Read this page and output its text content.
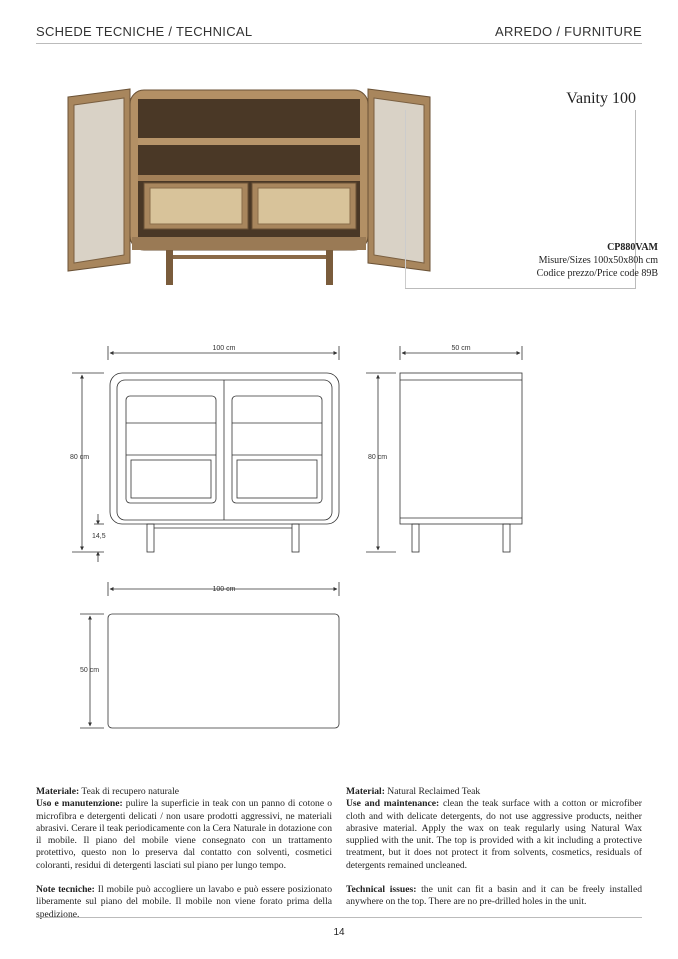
SCHEDE TECNICHE / TECHNICAL	ARREDO / FURNITURE
Vanity 100
CP880VAM
Misure/Sizes 100x50x80h cm
Codice prezzo/Price code 89B
100 cm
80 cm
14,5
50 cm
80 cm
100 cm
50 cm
Materiale: Teak di recupero naturale
Uso e manutenzione: pulire la superficie in teak con un panno di cotone o microfibra e detergenti delicati / non usare prodotti aggressivi, ne materiali abrasivi. Cerare il teak periodicamente con la Cera Naturale in dotazione con il mobile. Il piano del mobile viene consegnato con un trattamento protettivo, questo non lo preserva dal contatto con solventi, cosmetici coloranti, residui di detergenti lasciati sul piano per lungo tempo.
Note tecniche: Il mobile può accogliere un lavabo e può essere posizionato liberamente sul piano del mobile. Il mobile non viene forato prima della spedizione.
Material: Natural Reclaimed Teak
Use and maintenance: clean the teak surface with a cotton or microfiber cloth and with delicate detergents, do not use aggressive products, neither abrasive material. Apply the wax on teak regularly using Natural Wax supplied with the unit. The top is provided with a kit including a protective treatment, but it does not protect it from solvents, cosmetics, residuals of detergents remained uncleaned.
Technical issues: the unit can fit a basin and it can be freely installed anywhere on the top. There are no pre-drilled holes in the unit.
14
